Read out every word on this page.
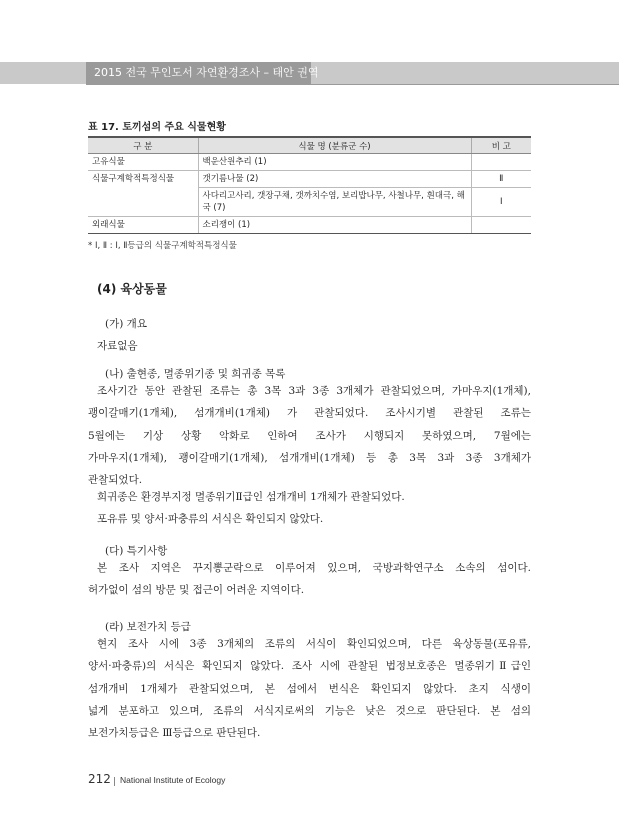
2015 전국 무인도서 자연환경조사 – 태안 권역
표 17. 토끼섬의 주요 식물현황
구 분	식물 명 (분류군 수)	비 고
고유식물	백운산원추리 (1)	
식물구계학적특정식물	갯기름나물 (2)	Ⅱ
	사다리고사리, 갯장구채, 갯까치수염, 보리밥나무, 사철나무, 흰대극, 해국 (7)	Ⅰ
외래식물	소리쟁이 (1)	
* Ⅰ, Ⅱ : Ⅰ, Ⅱ등급의 식물구계학적특정식물
(4) 육상동물
(가) 개요
자료없음
(나) 출현종, 멸종위기종 및 희귀종 목록
조사기간 동안 관찰된 조류는 총 3목 3과 3종 3개체가 관찰되었으며, 가마우지(1개체),
괭이갈매기(1개체), 섬개개비(1개체) 가 관찰되었다. 조사시기별 관찰된 조류는
5월에는 기상 상황 악화로 인하여 조사가 시행되지 못하였으며, 7월에는
가마우지(1개체), 괭이갈매기(1개체), 섬개개비(1개체) 등 총 3목 3과 3종 3개체가
관찰되었다.
희귀종은 환경부지정 멸종위기Ⅱ급인 섬개개비 1개체가 관찰되었다.
포유류 및 양서·파충류의 서식은 확인되지 않았다.
(다) 특기사항
본 조사 지역은 꾸지뽕군락으로 이루어져 있으며, 국방과학연구소 소속의 섬이다.
허가없이 섬의 방문 및 접근이 어려운 지역이다.
(라) 보전가치 등급
현지 조사 시에 3종 3개체의 조류의 서식이 확인되었으며, 다른 육상동물(포유류,
양서·파충류)의 서식은 확인되지 않았다. 조사 시에 관찰된 법정보호종은 멸종위기Ⅱ급인
섬개개비 1개체가 관찰되었으며, 본 섬에서 번식은 확인되지 않았다. 초지 식생이
넓게 분포하고 있으며, 조류의 서식지로써의 기능은 낮은 것으로 판단된다. 본 섬의
보전가치등급은 Ⅲ등급으로 판단된다.
212 National Institute of Ecology
